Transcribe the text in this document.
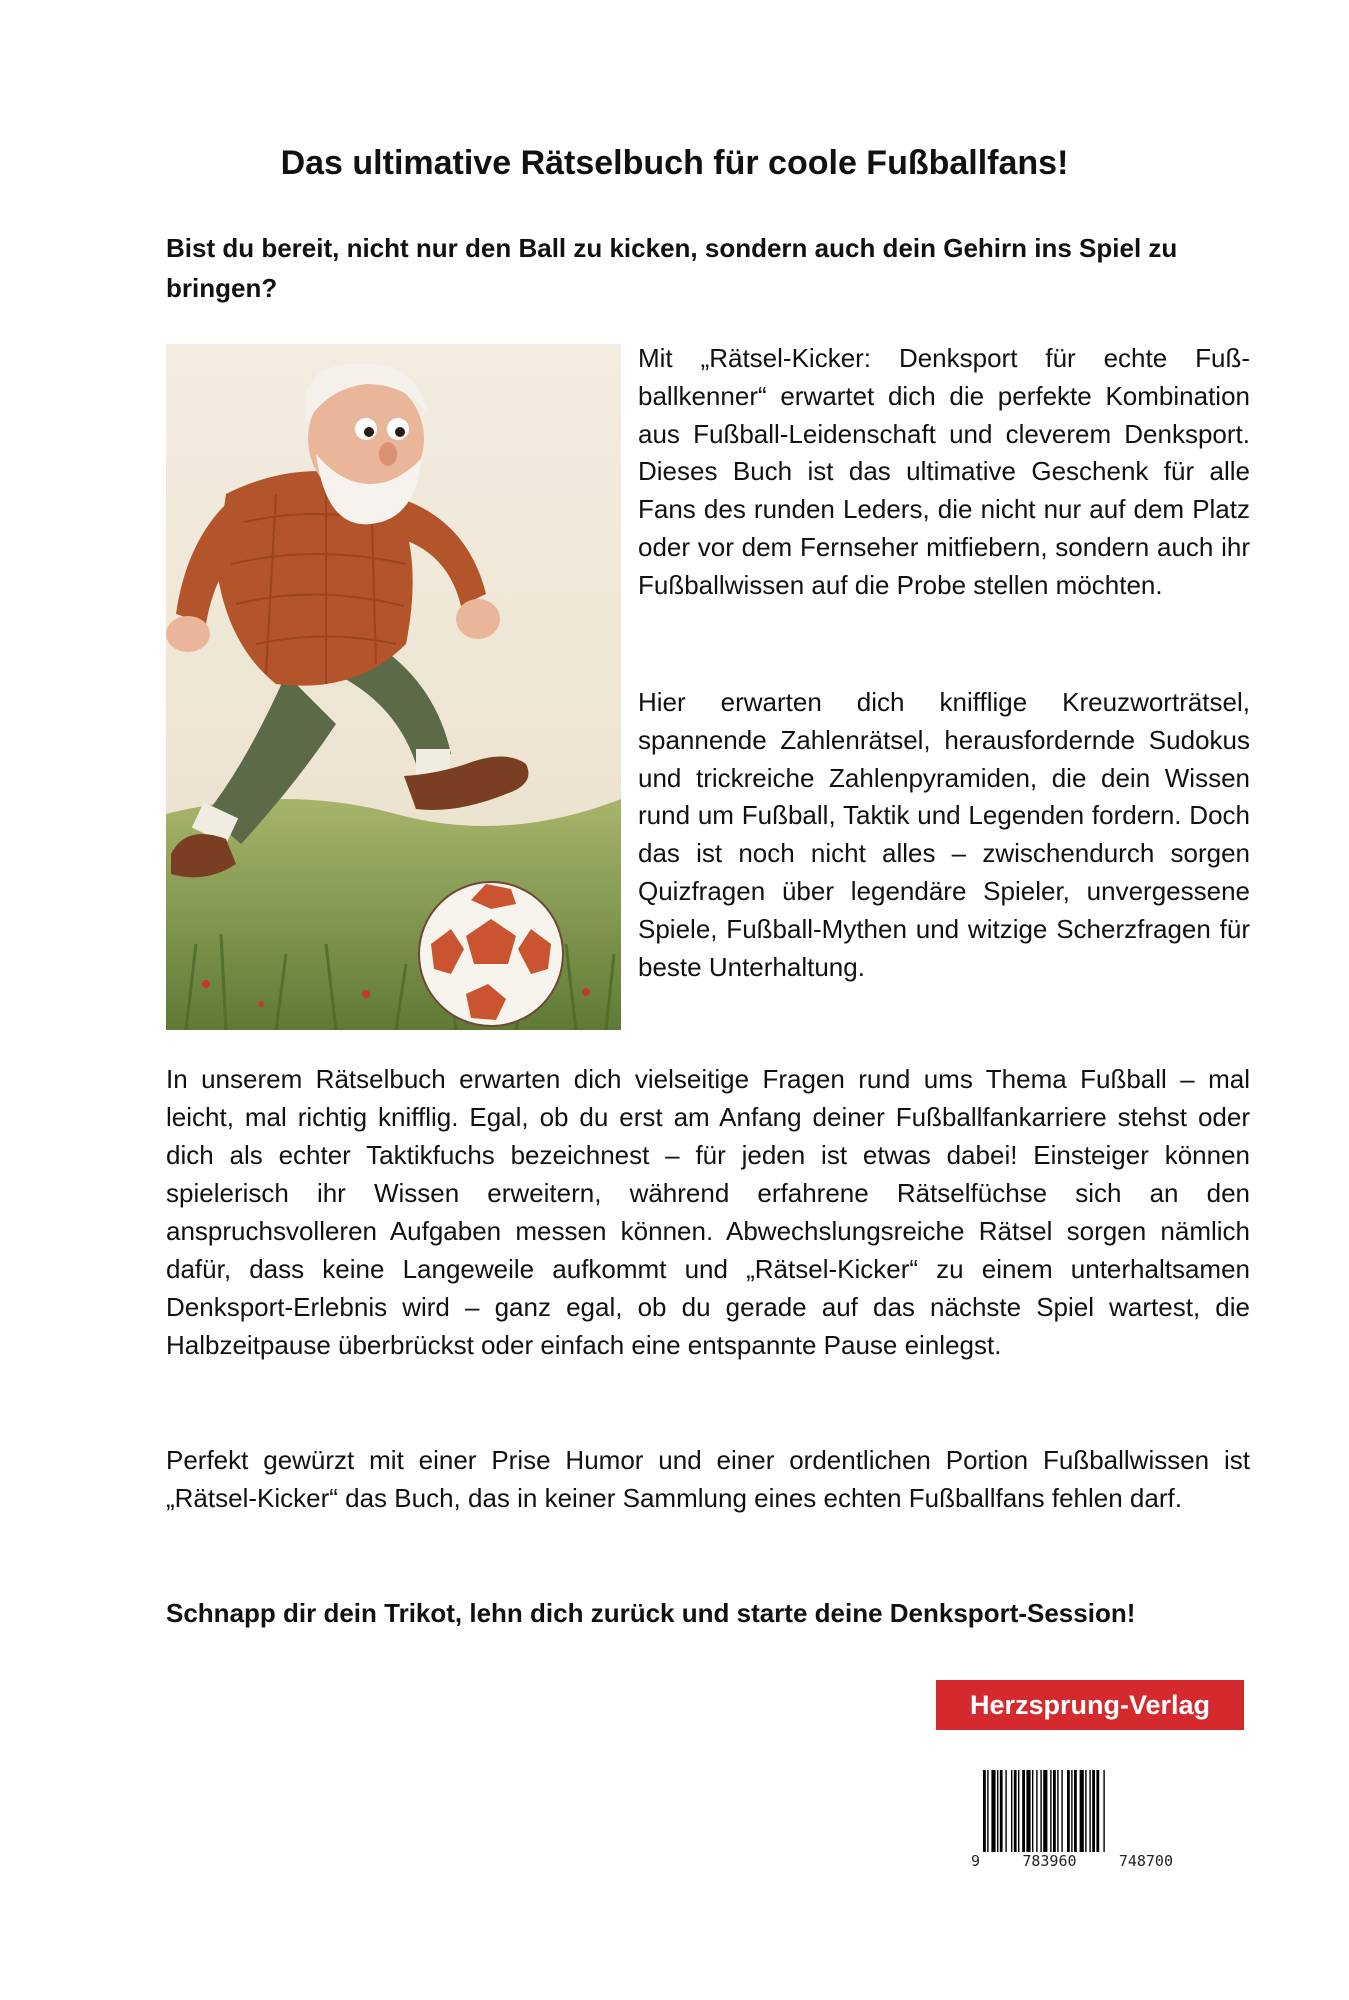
Das ultimative Rätselbuch für coole Fußballfans!

Bist du bereit, nicht nur den Ball zu kicken, sondern auch dein Gehirn ins Spiel zu bringen?

Mit „Rätsel-Kicker: Denksport für echte Fußballkenner“ erwartet dich die perfekte Kombination aus Fußball-Leidenschaft und cleverem Denksport. Dieses Buch ist das ultimative Geschenk für alle Fans des runden Leders, die nicht nur auf dem Platz oder vor dem Fernseher mitfiebern, sondern auch ihr Fußballwissen auf die Probe stellen möchten.

Hier erwarten dich knifflige Kreuzworträtsel, spannende Zahlenrätsel, herausfordernde Sudokus und trickreiche Zahlenpyramiden, die dein Wissen rund um Fußball, Taktik und Legenden fordern. Doch das ist noch nicht alles – zwischendurch sorgen Quizfragen über legendäre Spieler, unvergessene Spiele, Fußball-Mythen und witzige Scherzfragen für beste Unterhaltung.

In unserem Rätselbuch erwarten dich vielseitige Fragen rund ums Thema Fußball – mal leicht, mal richtig knifflig. Egal, ob du erst am Anfang deiner Fußballfankarriere stehst oder dich als echter Taktikfuchs bezeichnest – für jeden ist etwas dabei! Einsteiger können spielerisch ihr Wissen erweitern, während erfahrene Rätselfüchse sich an den anspruchsvolleren Aufgaben messen können. Abwechslungsreiche Rätsel sorgen nämlich dafür, dass keine Langeweile aufkommt und „Rätsel-Kicker“ zu einem unterhaltsamen Denksport-Erlebnis wird – ganz egal, ob du gerade auf das nächste Spiel wartest, die Halbzeitpause überbrückst oder einfach eine entspannte Pause einlegst.

Perfekt gewürzt mit einer Prise Humor und einer ordentlichen Portion Fußballwissen ist „Rätsel-Kicker“ das Buch, das in keiner Sammlung eines echten Fußballfans fehlen darf.

Schnapp dir dein Trikot, lehn dich zurück und starte deine Denksport-Session!

Herzsprung-Verlag
9	783960	748700
